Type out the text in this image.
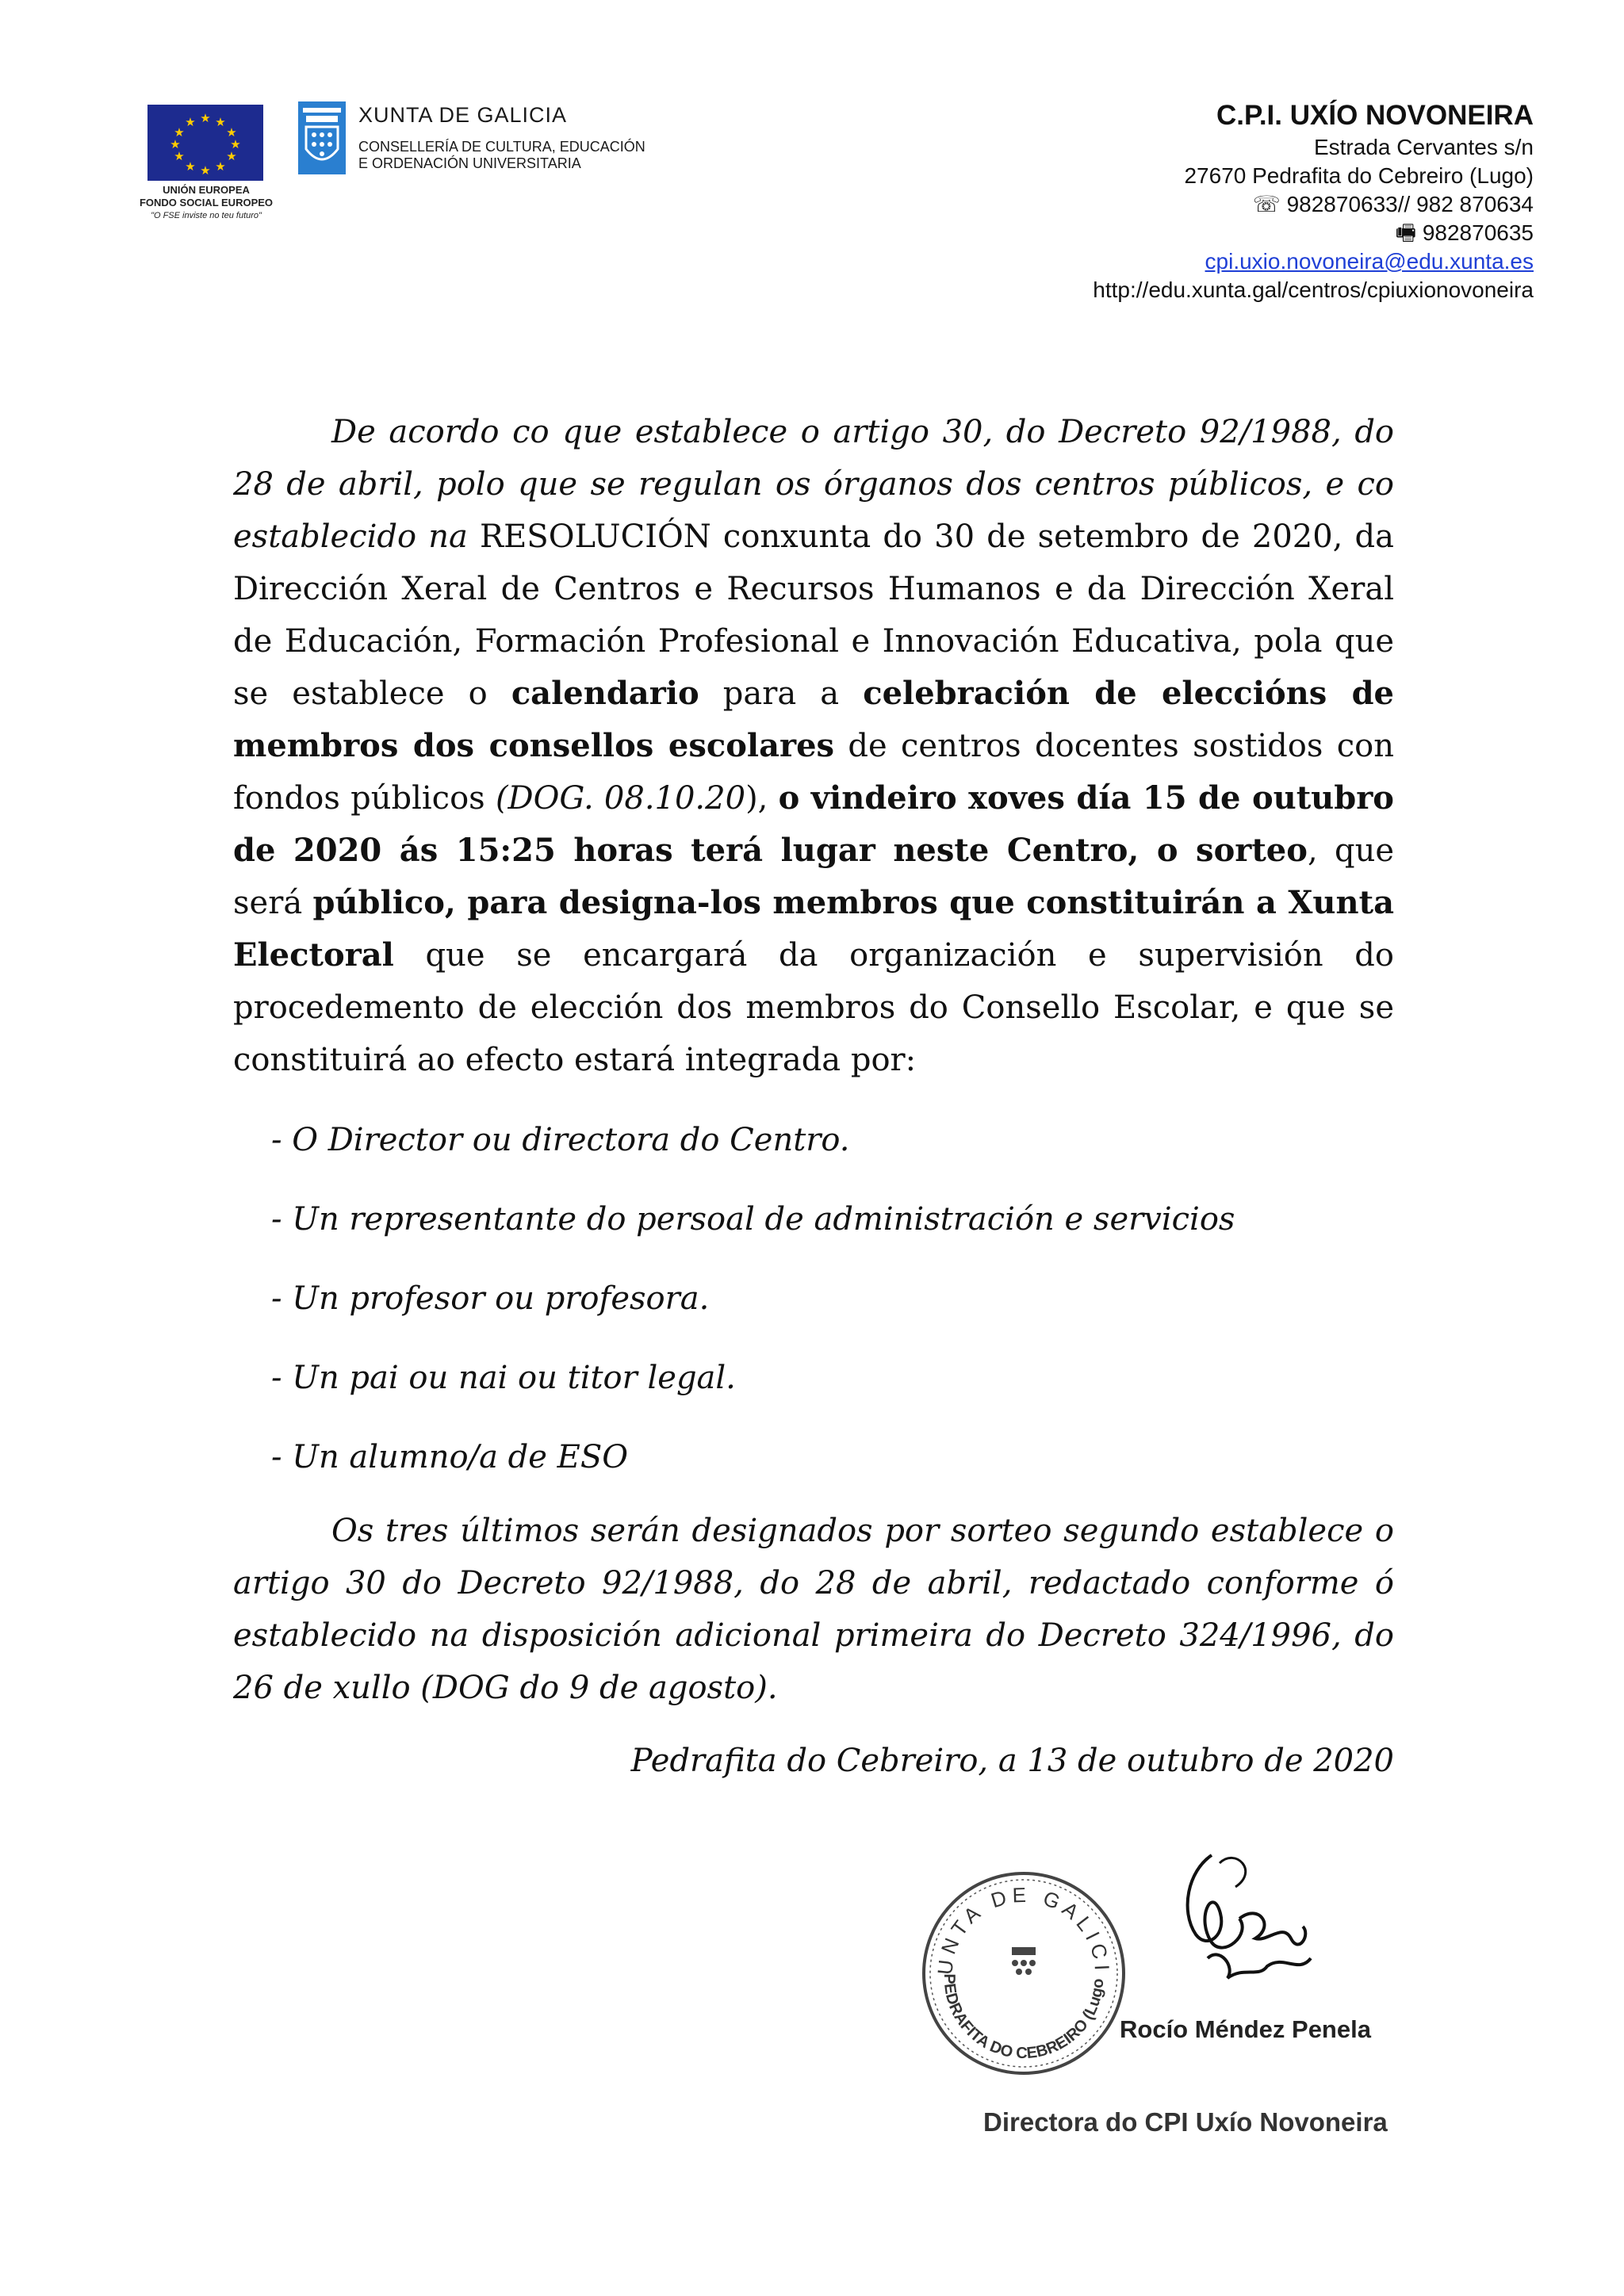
★ ★
★
★
★
★
★
★
★
★
★
★
UNIÓN EUROPEA
FONDO SOCIAL EUROPEO
"O FSE inviste no teu futuro"
XUNTA DE GALICIA
CONSELLERÍA DE CULTURA, EDUCACIÓN
E ORDENACIÓN UNIVERSITARIA
C.P.I. UXÍO NOVONEIRA
Estrada Cervantes s/n
27670 Pedrafita do Cebreiro (Lugo)
☏ 982870633// 982 870634
🖷 982870635
cpi.uxio.novoneira@edu.xunta.es
http://edu.xunta.gal/centros/cpiuxionovoneira

De acordo co que establece o artigo 30, do Decreto 92/1988, do 28 de abril, polo que se regulan os órganos dos centros públicos, e co establecido na RESOLUCIÓN conxunta do 30 de setembro de 2020, da Dirección Xeral de Centros e Recursos Humanos e da Dirección Xeral de Educación, Formación Profesional e Innovación Educativa, pola que se establece o calendario para a celebración de eleccións de membros dos consellos escolares de centros docentes sostidos con fondos públicos (DOG. 08.10.20), o vindeiro xoves día 15 de outubro de 2020 ás 15:25 horas terá lugar neste Centro, o sorteo, que será público, para designa-los membros que constituirán a Xunta Electoral que se encargará da organización e supervisión do procedemento de elección dos membros do Consello Escolar, e que se constituirá ao efecto estará integrada por:

- O Director ou directora do Centro.
- Un representante do persoal de administración e servicios
- Un profesor ou profesora.
- Un pai ou nai ou titor legal.
- Un alumno/a de ESO

Os tres últimos serán designados por sorteo segundo establece o artigo 30 do Decreto 92/1988, do 28 de abril, redactado conforme ó establecido na disposición adicional primeira do Decreto 324/1996, do 26 de xullo (DOG do 9 de agosto).

Pedrafita do Cebreiro, a 13 de outubro de 2020

UNTA DE GALICI
PEDRAFITA DO CEBREIRO (Lugo
Rocío Méndez Penela
Directora do CPI Uxío Novoneira
